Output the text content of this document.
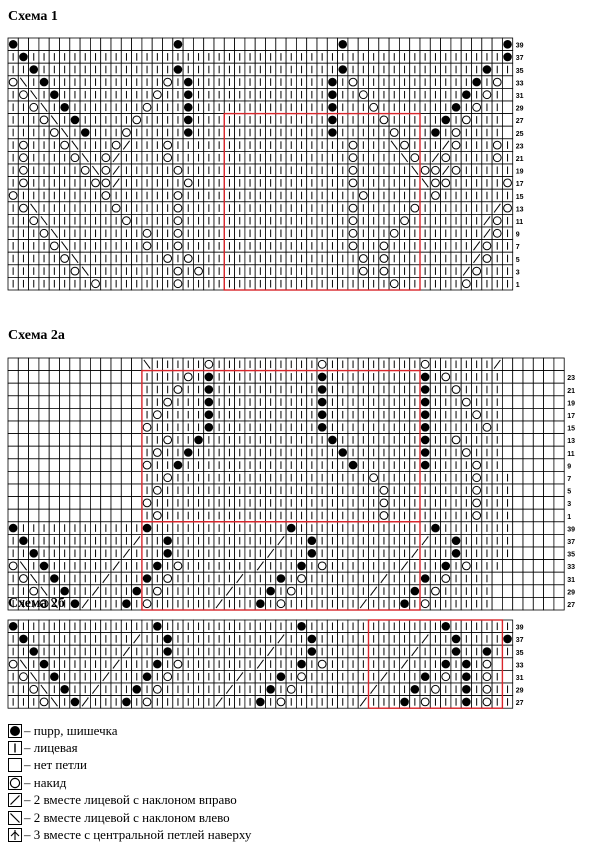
Схема 1
39
37
35
33
31
29
27
25
23
21
19
17
15
13
11
9
7
5
3
1
Схема 2а
23
21
19
17
15
13
11
9
7
5
3
1
39
37
35
33
31
29
27
Схема 2б
39
37
35
33
31
29
27
– пupp, шишечка
– лицевая
– нет петли
– накид
– 2 вместе лицевой с наклоном вправо
– 2 вместе лицевой с наклоном влево
– 3 вместе с центральной петлей наверху
